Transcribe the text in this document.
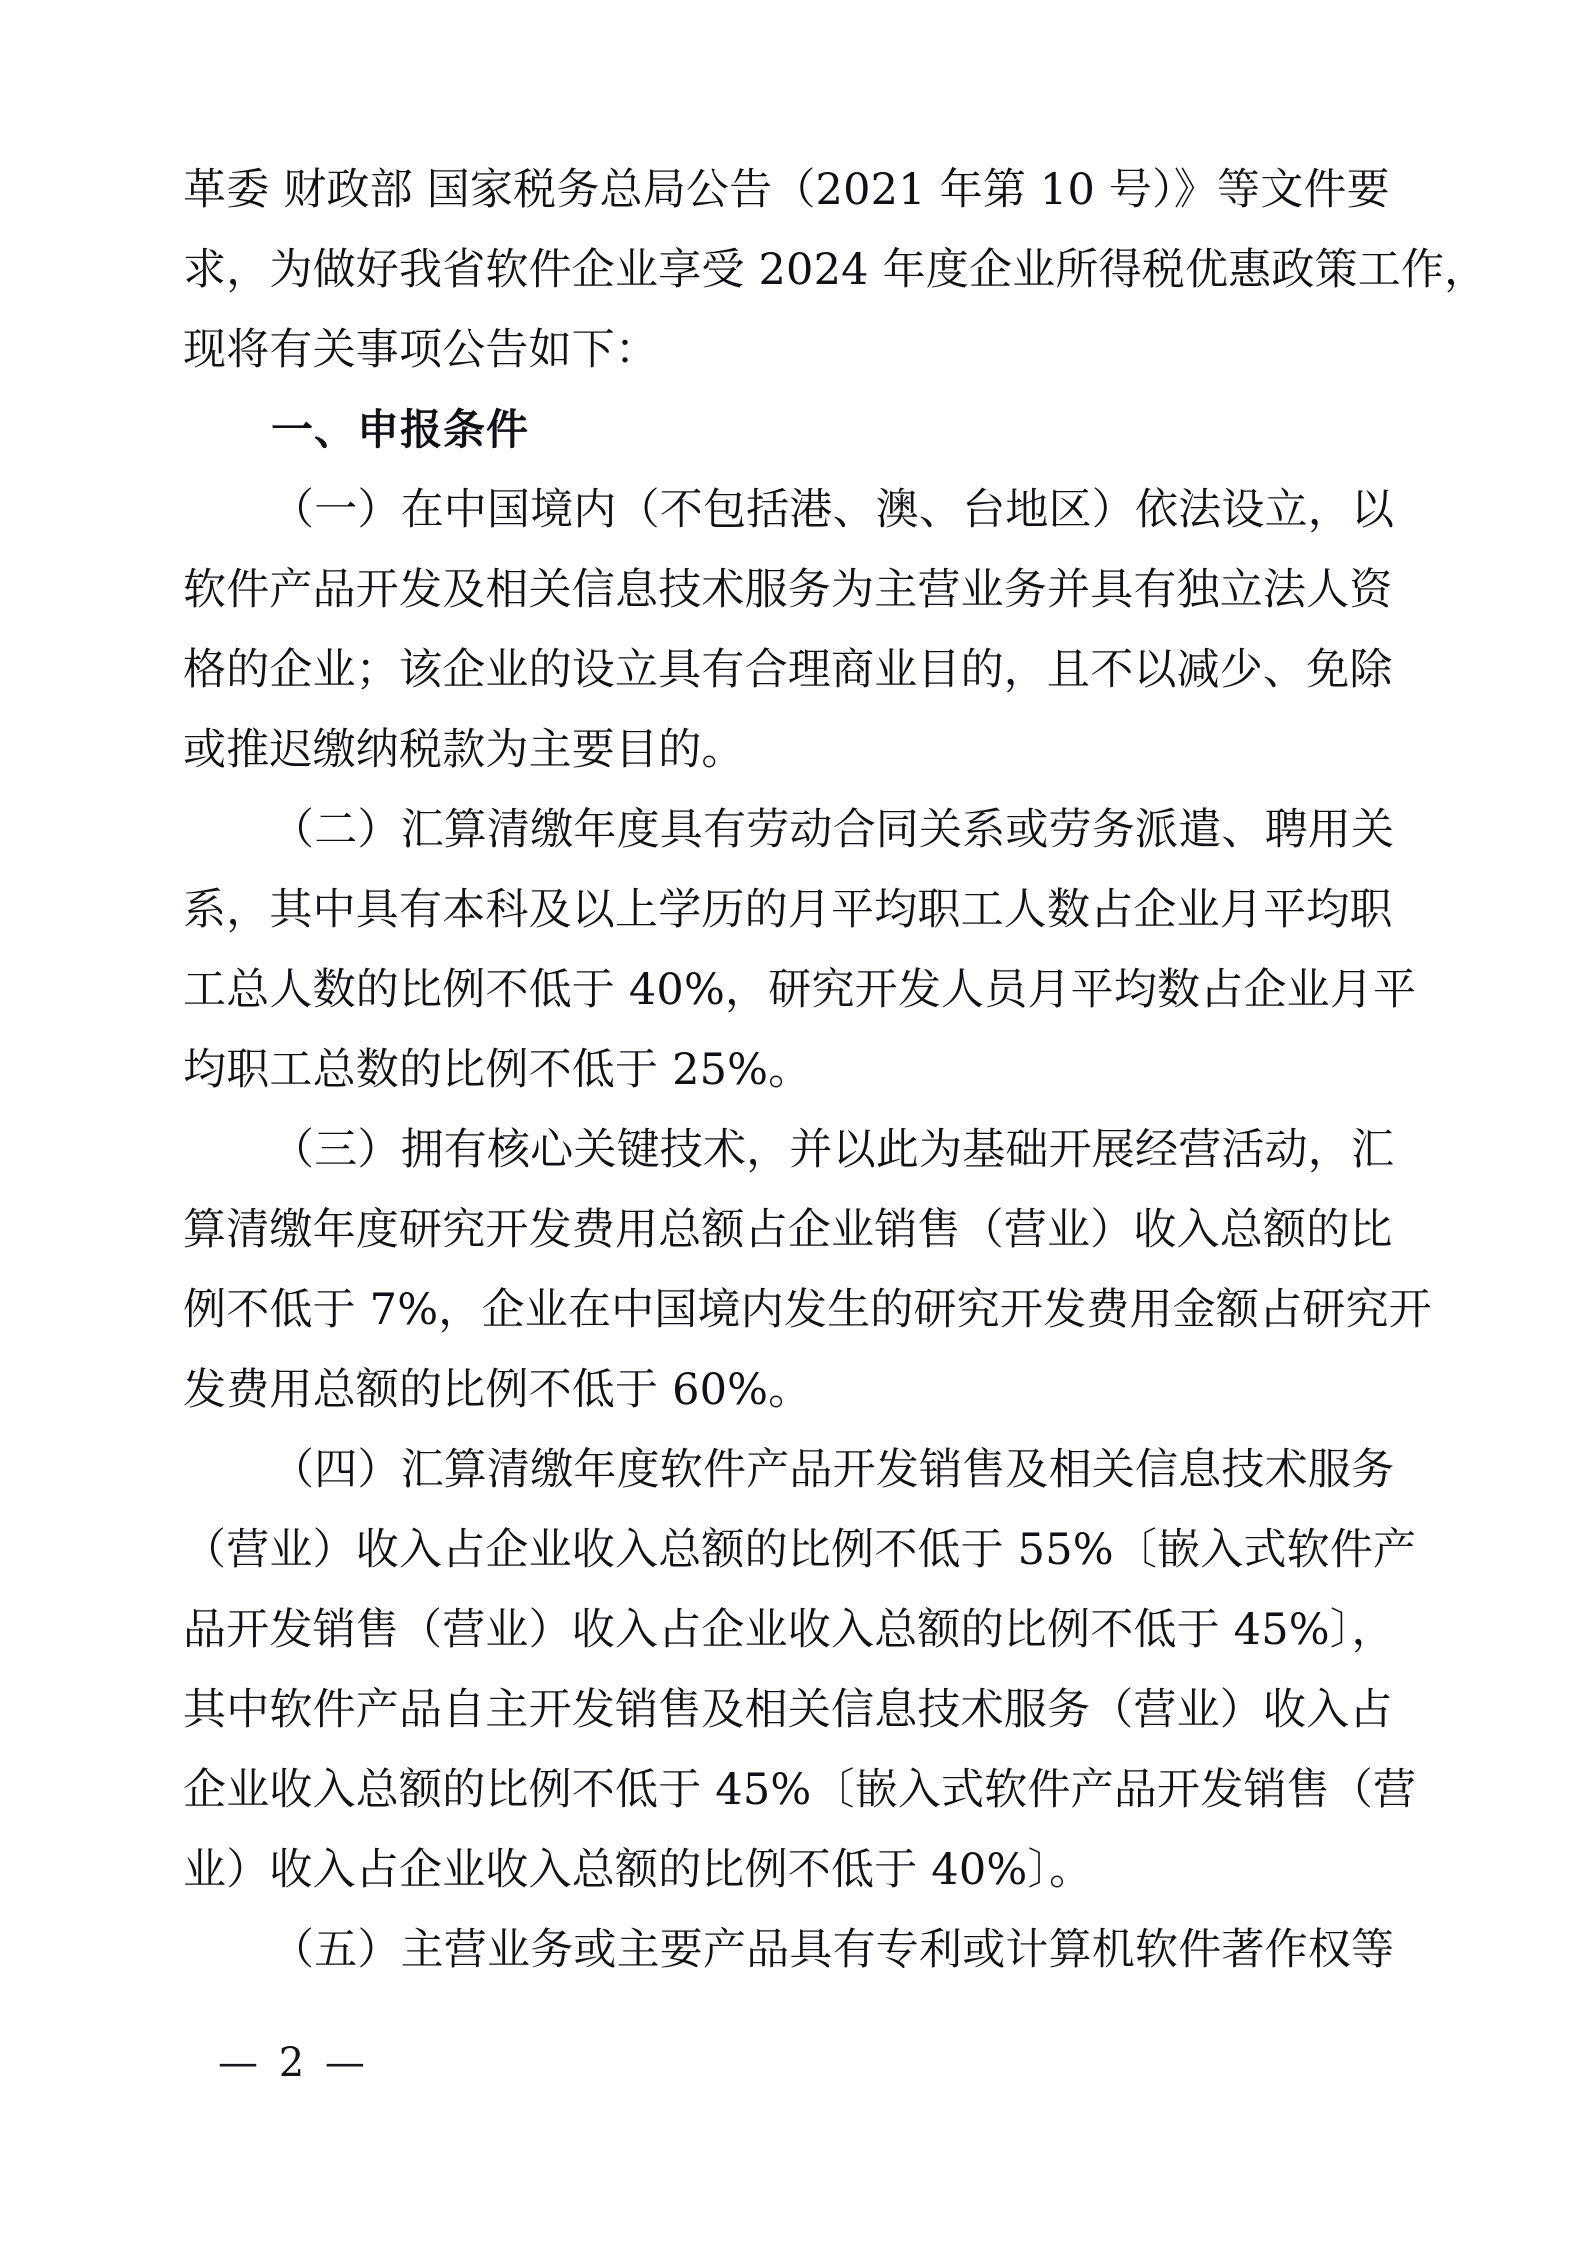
革委 财政部 国家税务总局公告（2021 年第 10 号）》等文件要
求，为做好我省软件企业享受 2024 年度企业所得税优惠政策工作，
现将有关事项公告如下：
一、申报条件
（一）在中国境内（不包括港、澳、台地区）依法设立，以
软件产品开发及相关信息技术服务为主营业务并具有独立法人资
格的企业；该企业的设立具有合理商业目的，且不以减少、免除
或推迟缴纳税款为主要目的。
（二）汇算清缴年度具有劳动合同关系或劳务派遣、聘用关
系，其中具有本科及以上学历的月平均职工人数占企业月平均职
工总人数的比例不低于 40%，研究开发人员月平均数占企业月平
均职工总数的比例不低于 25%。
（三）拥有核心关键技术，并以此为基础开展经营活动，汇
算清缴年度研究开发费用总额占企业销售（营业）收入总额的比
例不低于 7%，企业在中国境内发生的研究开发费用金额占研究开
发费用总额的比例不低于 60%。
（四）汇算清缴年度软件产品开发销售及相关信息技术服务
（营业）收入占企业收入总额的比例不低于 55%〔嵌入式软件产
品开发销售（营业）收入占企业收入总额的比例不低于 45%〕，
其中软件产品自主开发销售及相关信息技术服务（营业）收入占
企业收入总额的比例不低于 45%〔嵌入式软件产品开发销售（营
业）收入占企业收入总额的比例不低于 40%〕。
（五）主营业务或主要产品具有专利或计算机软件著作权等
— 2 —
